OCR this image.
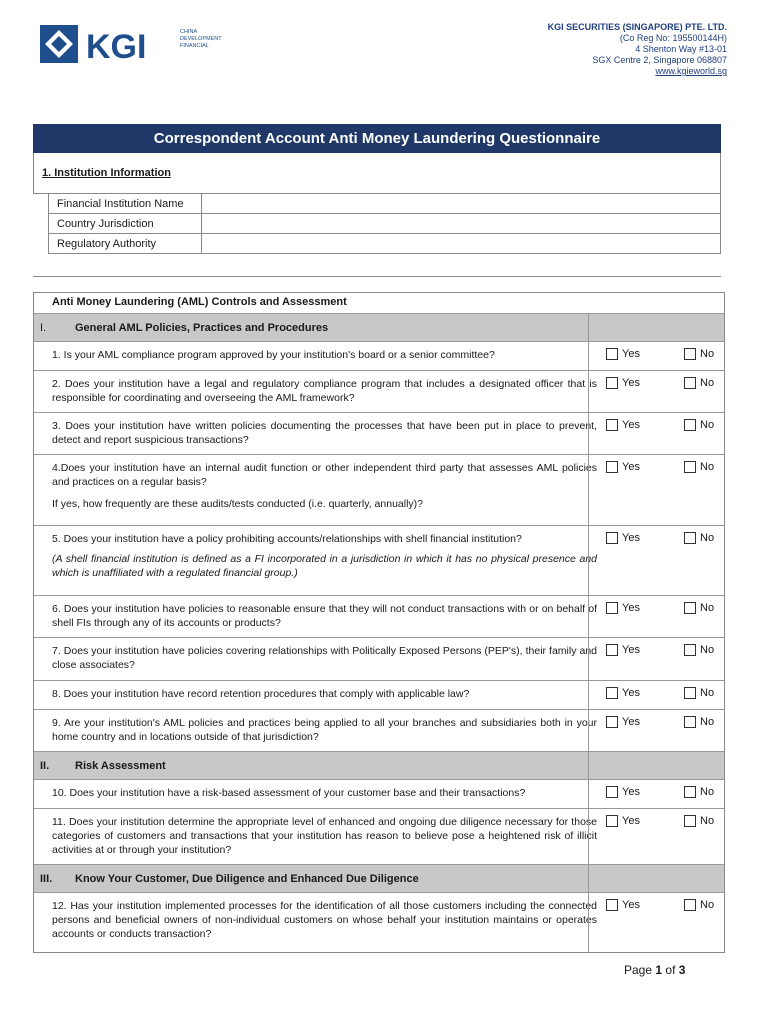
KGI	CHINA
DEVELOPMENT
FINANCIAL
KGI SECURITIES (SINGAPORE) PTE. LTD.
(Co Reg No: 195500144H)
4 Shenton Way #13-01
SGX Centre 2, Singapore 068807
www.kgieworld.sg
Correspondent Account Anti Money Laundering Questionnaire
1. Institution Information
Financial Institution Name	
Country Jurisdiction	
Regulatory Authority	
Anti Money Laundering (AML) Controls and Assessment
I.	General AML Policies, Practices and Procedures
1. Is your AML compliance program approved by your institution's board or a senior committee?	Yes	No
2. Does your institution have a legal and regulatory compliance program that includes a designated officer that is responsible for coordinating and overseeing the AML framework?
Yes	No
3. Does your institution have written policies documenting the processes that have been put in place to prevent, detect and report suspicious transactions?
Yes	No
4.Does your institution have an internal audit function or other independent third party that assesses AML policies and practices on a regular basis?
If yes, how frequently are these audits/tests conducted (i.e. quarterly, annually)?
Yes	No
5. Does your institution have a policy prohibiting accounts/relationships with shell financial institution?
(A shell financial institution is defined as a FI incorporated in a jurisdiction in which it has no physical presence and which is unaffiliated with a regulated financial group.)
Yes	No
6. Does your institution have policies to reasonable ensure that they will not conduct transactions with or on behalf of shell FIs through any of its accounts or products?
Yes	No
7. Does your institution have policies covering relationships with Politically Exposed Persons (PEP's), their family and close associates?
Yes	No
8. Does your institution have record retention procedures that comply with applicable law?	Yes	No
9. Are your institution's AML policies and practices being applied to all your branches and subsidiaries both in your home country and in locations outside of that jurisdiction?
Yes	No
II. Risk Assessment
10. Does your institution have a risk-based assessment of your customer base and their transactions?	Yes	No
11. Does your institution determine the appropriate level of enhanced and ongoing due diligence necessary for those categories of customers and transactions that your institution has reason to believe pose a heightened risk of illicit activities at or through your institution?
Yes	No
III. Know Your Customer, Due Diligence and Enhanced Due Diligence
12. Has your institution implemented processes for the identification of all those customers including the connected persons and beneficial owners of non-individual customers on whose behalf your institution maintains or operates accounts or conducts transaction?
Yes	No
Page 1 of 3
